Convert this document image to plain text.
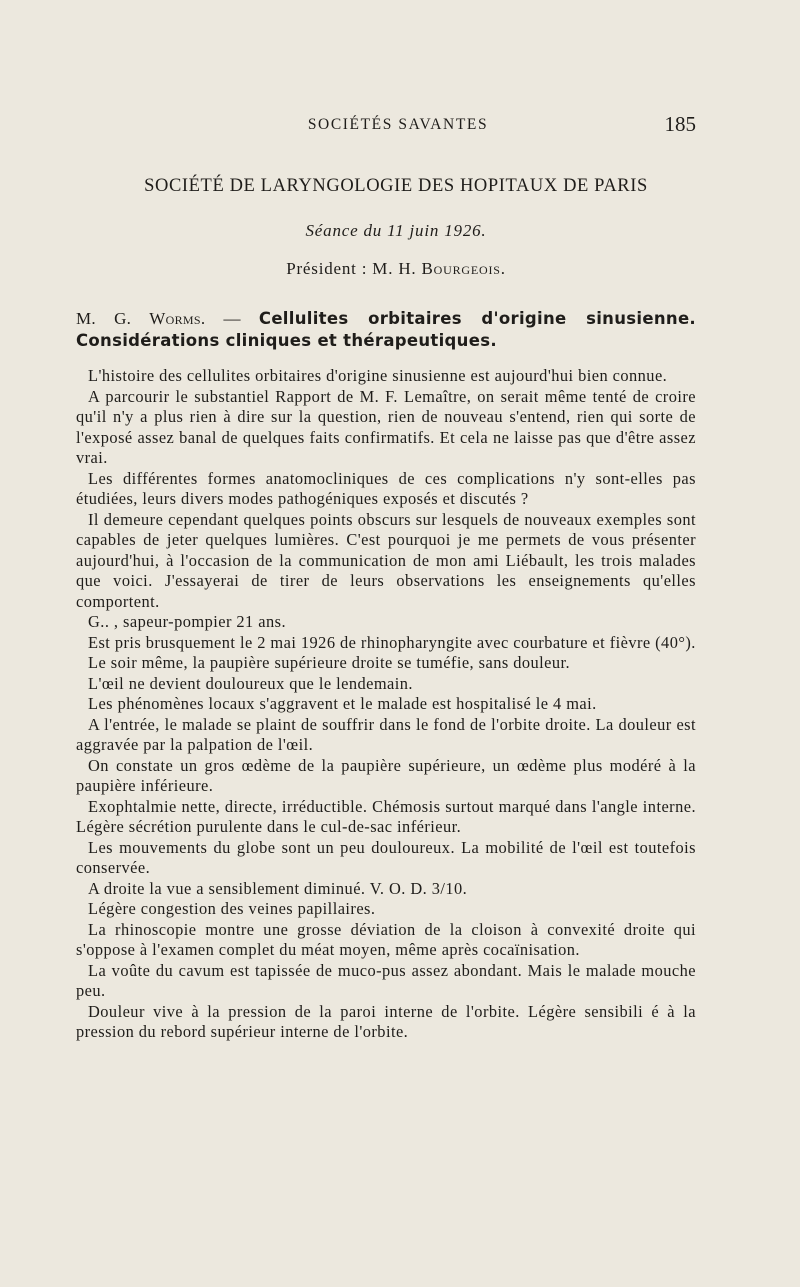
SOCIÉTÉS SAVANTES	185
SOCIÉTÉ DE LARYNGOLOGIE DES HOPITAUX DE PARIS
Séance du 11 juin 1926.
Président : M. H. Bourgeois.
M. G. Worms. — Cellulites orbitaires d'origine sinusienne. Considérations cliniques et thérapeutiques.

L'histoire des cellulites orbitaires d'origine sinusienne est aujourd'hui bien connue.

A parcourir le substantiel Rapport de M. F. Lemaître, on serait même tenté de croire qu'il n'y a plus rien à dire sur la question, rien de nouveau s'entend, rien qui sorte de l'exposé assez banal de quelques faits confirmatifs. Et cela ne laisse pas que d'être assez vrai.

Les différentes formes anatomocliniques de ces complications n'y sont-elles pas étudiées, leurs divers modes pathogéniques exposés et discutés ?

Il demeure cependant quelques points obscurs sur lesquels de nouveaux exemples sont capables de jeter quelques lumières. C'est pourquoi je me permets de vous présenter aujourd'hui, à l'occasion de la communication de mon ami Liébault, les trois malades que voici. J'essayerai de tirer de leurs observations les enseignements qu'elles comportent.

G.. , sapeur-pompier 21 ans.

Est pris brusquement le 2 mai 1926 de rhinopharyngite avec courbature et fièvre (40°).

Le soir même, la paupière supérieure droite se tuméfie, sans douleur.

L'œil ne devient douloureux que le lendemain.

Les phénomènes locaux s'aggravent et le malade est hospitalisé le 4 mai.

A l'entrée, le malade se plaint de souffrir dans le fond de l'orbite droite. La douleur est aggravée par la palpation de l'œil.

On constate un gros œdème de la paupière supérieure, un œdème plus modéré à la paupière inférieure.

Exophtalmie nette, directe, irréductible. Chémosis surtout marqué dans l'angle interne. Légère sécrétion purulente dans le cul-de-sac inférieur.

Les mouvements du globe sont un peu douloureux. La mobilité de l'œil est toutefois conservée.

A droite la vue a sensiblement diminué. V. O. D. 3/10.

Légère congestion des veines papillaires.

La rhinoscopie montre une grosse déviation de la cloison à convexité droite qui s'oppose à l'examen complet du méat moyen, même après cocaïnisation.

La voûte du cavum est tapissée de muco-pus assez abondant. Mais le malade mouche peu.

Douleur vive à la pression de la paroi interne de l'orbite. Légère sensibili é à la pression du rebord supérieur interne de l'orbite.
